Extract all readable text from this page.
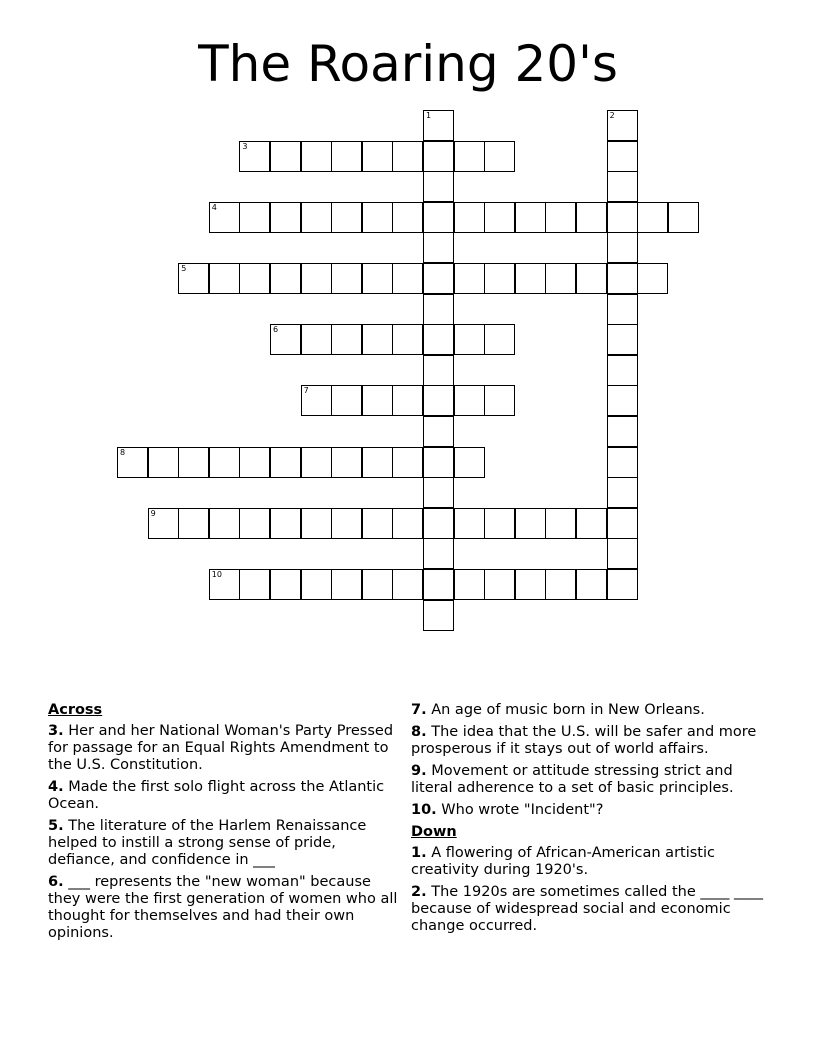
The Roaring 20's
1	2
3
4
5
6
7
8
9
10
Across
3. Her and her National Woman's Party Pressed for passage for an Equal Rights Amendment to the U.S. Constitution.
4. Made the first solo flight across the Atlantic Ocean.
5. The literature of the Harlem Renaissance helped to instill a strong sense of pride, defiance, and confidence in ___
6. ___ represents the "new woman" because they were the first generation of women who all thought for themselves and had their own opinions.
7. An age of music born in New Orleans.
8. The idea that the U.S. will be safer and more prosperous if it stays out of world affairs.
9. Movement or attitude stressing strict and literal adherence to a set of basic principles.
10. Who wrote "Incident"?
Down
1. A flowering of African-American artistic creativity during 1920's.
2. The 1920s are sometimes called the ____ ____ because of widespread social and economic change occurred.
